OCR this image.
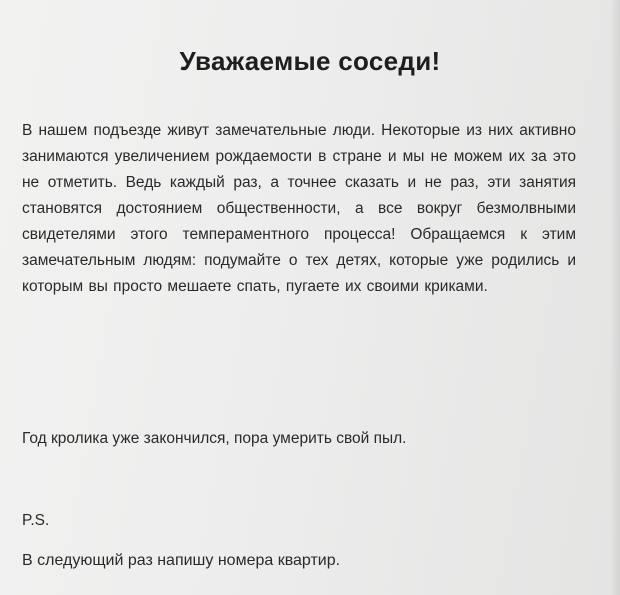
Уважаемые соседи!

В нашем подъезде живут замечательные люди. Некоторые из них активно занимаются увеличением рождаемости в стране и мы не можем их за это не отметить. Ведь каждый раз, а точнее сказать и не раз, эти занятия становятся достоянием общественности, а все вокруг безмолвными свидетелями этого темпераментного процесса! Обращаемся к этим замечательным людям: подумайте о тех детях, которые уже родились и которым вы просто мешаете спать, пугаете их своими криками.

Год кролика уже закончился, пора умерить свой пыл.

P.S.

В следующий раз напишу номера квартир.
